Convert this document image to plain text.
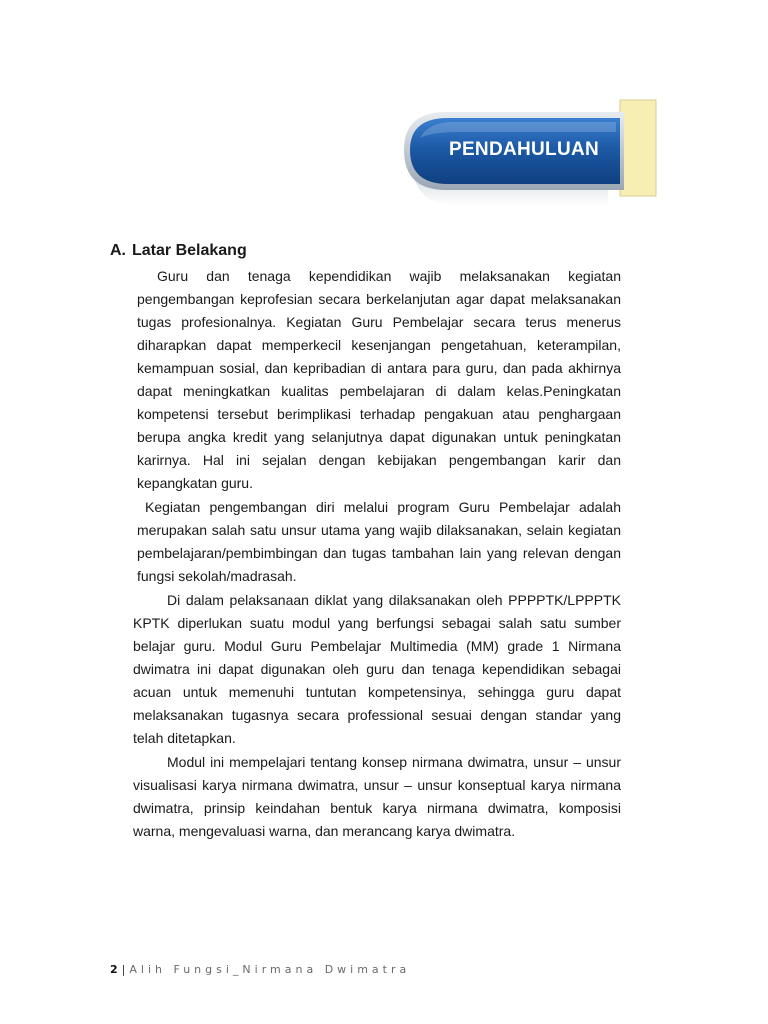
PENDAHULUAN
A. Latar Belakang

Guru dan tenaga kependidikan wajib melaksanakan kegiatan pengembangan keprofesian secara berkelanjutan agar dapat melaksanakan tugas profesionalnya. Kegiatan Guru Pembelajar secara terus menerus diharapkan dapat memperkecil kesenjangan pengetahuan, keterampilan, kemampuan sosial, dan kepribadian di antara para guru, dan pada akhirnya dapat meningkatkan kualitas pembelajaran di dalam kelas.Peningkatan kompetensi tersebut berimplikasi terhadap pengakuan atau penghargaan berupa angka kredit yang selanjutnya dapat digunakan untuk peningkatan karirnya. Hal ini sejalan dengan kebijakan pengembangan karir dan kepangkatan guru.

Kegiatan pengembangan diri melalui program Guru Pembelajar adalah merupakan salah satu unsur utama yang wajib dilaksanakan, selain kegiatan pembelajaran/pembimbingan dan tugas tambahan lain yang relevan dengan fungsi sekolah/madrasah.

Di dalam pelaksanaan diklat yang dilaksanakan oleh PPPPTK/LPPPTK KPTK diperlukan suatu modul yang berfungsi sebagai salah satu sumber belajar guru. Modul Guru Pembelajar Multimedia (MM) grade 1 Nirmana dwimatra ini dapat digunakan oleh guru dan tenaga kependidikan sebagai acuan untuk memenuhi tuntutan kompetensinya, sehingga guru dapat melaksanakan tugasnya secara professional sesuai dengan standar yang telah ditetapkan.

Modul ini mempelajari tentang konsep nirmana dwimatra, unsur – unsur visualisasi karya nirmana dwimatra, unsur – unsur konseptual karya nirmana dwimatra, prinsip keindahan bentuk karya nirmana dwimatra, komposisi warna, mengevaluasi warna, dan merancang karya dwimatra.

2 | Alih Fungsi_Nirmana Dwimatra
